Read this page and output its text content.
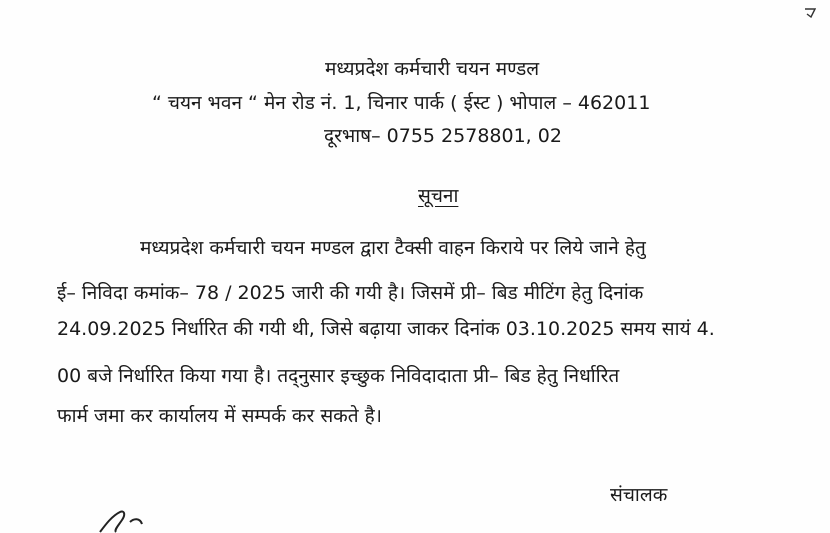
मध्यप्रदेश कर्मचारी चयन मण्डल
“ चयन भवन “ मेन रोड नं. 1, चिनार पार्क ( ईस्ट ) भोपाल – 462011
दूरभाष– 0755 2578801, 02
सूचना
मध्यप्रदेश कर्मचारी चयन मण्डल द्वारा टैक्सी वाहन किराये पर लिये जाने हेतु
ई– निविदा कमांक– 78 / 2025 जारी की गयी है। जिसमें प्री– बिड मीटिंग हेतु दिनांक
24.09.2025 निर्धारित की गयी थी, जिसे बढ़ाया जाकर दिनांक 03.10.2025 समय सायं 4.
00 बजे निर्धारित किया गया है। तद्नुसार इच्छुक निविदादाता प्री– बिड हेतु निर्धारित
फार्म जमा कर कार्यालय में सम्पर्क कर सकते है।
संचालक
